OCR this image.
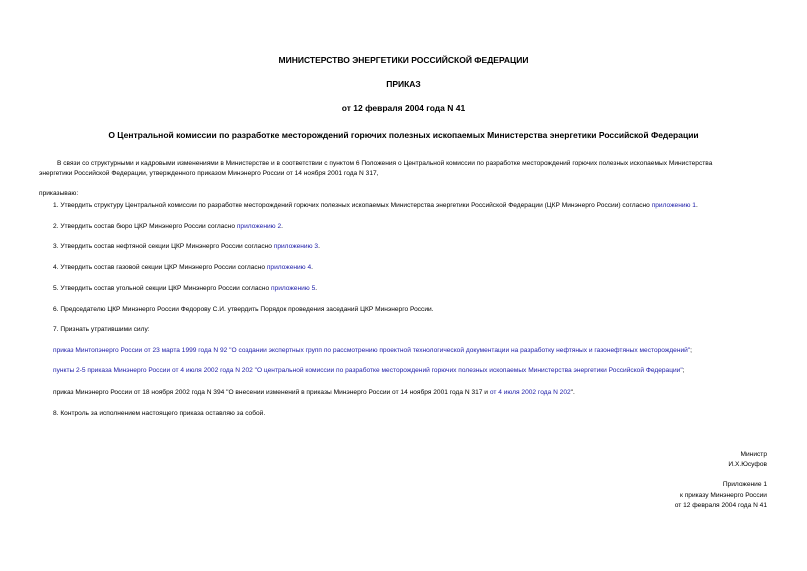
МИНИСТЕРСТВО ЭНЕРГЕТИКИ РОССИЙСКОЙ ФЕДЕРАЦИИ
ПРИКАЗ
от 12 февраля 2004 года N 41
О Центральной комиссии по разработке месторождений горючих полезных ископаемых Министерства энергетики Российской Федерации
В связи со структурными и кадровыми изменениями в Министерстве и в соответствии с пунктом 6 Положения о Центральной комиссии по разработке месторождений горючих полезных ископаемых Министерства
энергетики Российской Федерации, утвержденного приказом Минэнерго России от 14 ноября 2001 года N 317,
приказываю:
1. Утвердить структуру Центральной комиссии по разработке месторождений горючих полезных ископаемых Министерства энергетики Российской Федерации (ЦКР Минэнерго России) согласно приложению 1.
2. Утвердить состав бюро ЦКР Минэнерго России согласно приложению 2.
3. Утвердить состав нефтяной секции ЦКР Минэнерго России согласно приложению 3.
4. Утвердить состав газовой секции ЦКР Минэнерго России согласно приложению 4.
5. Утвердить состав угольной секции ЦКР Минэнерго России согласно приложению 5.
6. Председателю ЦКР Минэнерго России Федорову С.И. утвердить Порядок проведения заседаний ЦКР Минэнерго России.
7. Признать утратившими силу:
приказ Минтопэнерго России от 23 марта 1999 года N 92 "О создании экспертных групп по рассмотрению проектной технологической документации на разработку нефтяных и газонефтяных месторождений";
пункты 2-5 приказа Минэнерго России от 4 июля 2002 года N 202 "О центральной комиссии по разработке месторождений горючих полезных ископаемых Министерства энергетики Российской Федерации";
приказ Минэнерго России от 18 ноября 2002 года N 394 "О внесении изменений в приказы Минэнерго России от 14 ноября 2001 года N 317 и от 4 июля 2002 года N 202".
8. Контроль за исполнением настоящего приказа оставляю за собой.
Министр
И.Х.Юсуфов
Приложение 1
к приказу Минэнерго России
от 12 февраля 2004 года N 41
